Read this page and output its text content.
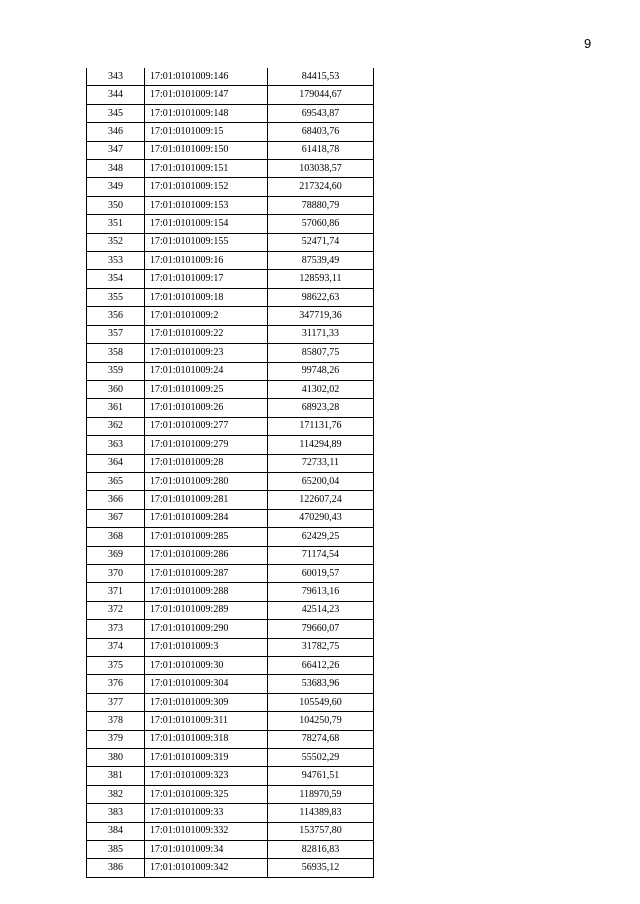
9
343	17:01:0101009:146	84415,53
344	17:01:0101009:147	179044,67
345	17:01:0101009:148	69543,87
346	17:01:0101009:15	68403,76
347	17:01:0101009:150	61418,78
348	17:01:0101009:151	103038,57
349	17:01:0101009:152	217324,60
350	17:01:0101009:153	78880,79
351	17:01:0101009:154	57060,86
352	17:01:0101009:155	52471,74
353	17:01:0101009:16	87539,49
354	17:01:0101009:17	128593,11
355	17:01:0101009:18	98622,63
356	17:01:0101009:2	347719,36
357	17:01:0101009:22	31171,33
358	17:01:0101009:23	85807,75
359	17:01:0101009:24	99748,26
360	17:01:0101009:25	41302,02
361	17:01:0101009:26	68923,28
362	17:01:0101009:277	171131,76
363	17:01:0101009:279	114294,89
364	17:01:0101009:28	72733,11
365	17:01:0101009:280	65200,04
366	17:01:0101009:281	122607,24
367	17:01:0101009:284	470290,43
368	17:01:0101009:285	62429,25
369	17:01:0101009:286	71174,54
370	17:01:0101009:287	60019,57
371	17:01:0101009:288	79613,16
372	17:01:0101009:289	42514,23
373	17:01:0101009:290	79660,07
374	17:01:0101009:3	31782,75
375	17:01:0101009:30	66412,26
376	17:01:0101009:304	53683,96
377	17:01:0101009:309	105549,60
378	17:01:0101009:311	104250,79
379	17:01:0101009:318	78274,68
380	17:01:0101009:319	55502,29
381	17:01:0101009:323	94761,51
382	17:01:0101009:325	118970,59
383	17:01:0101009:33	114389,83
384	17:01:0101009:332	153757,80
385	17:01:0101009:34	82816,83
386	17:01:0101009:342	56935,12
